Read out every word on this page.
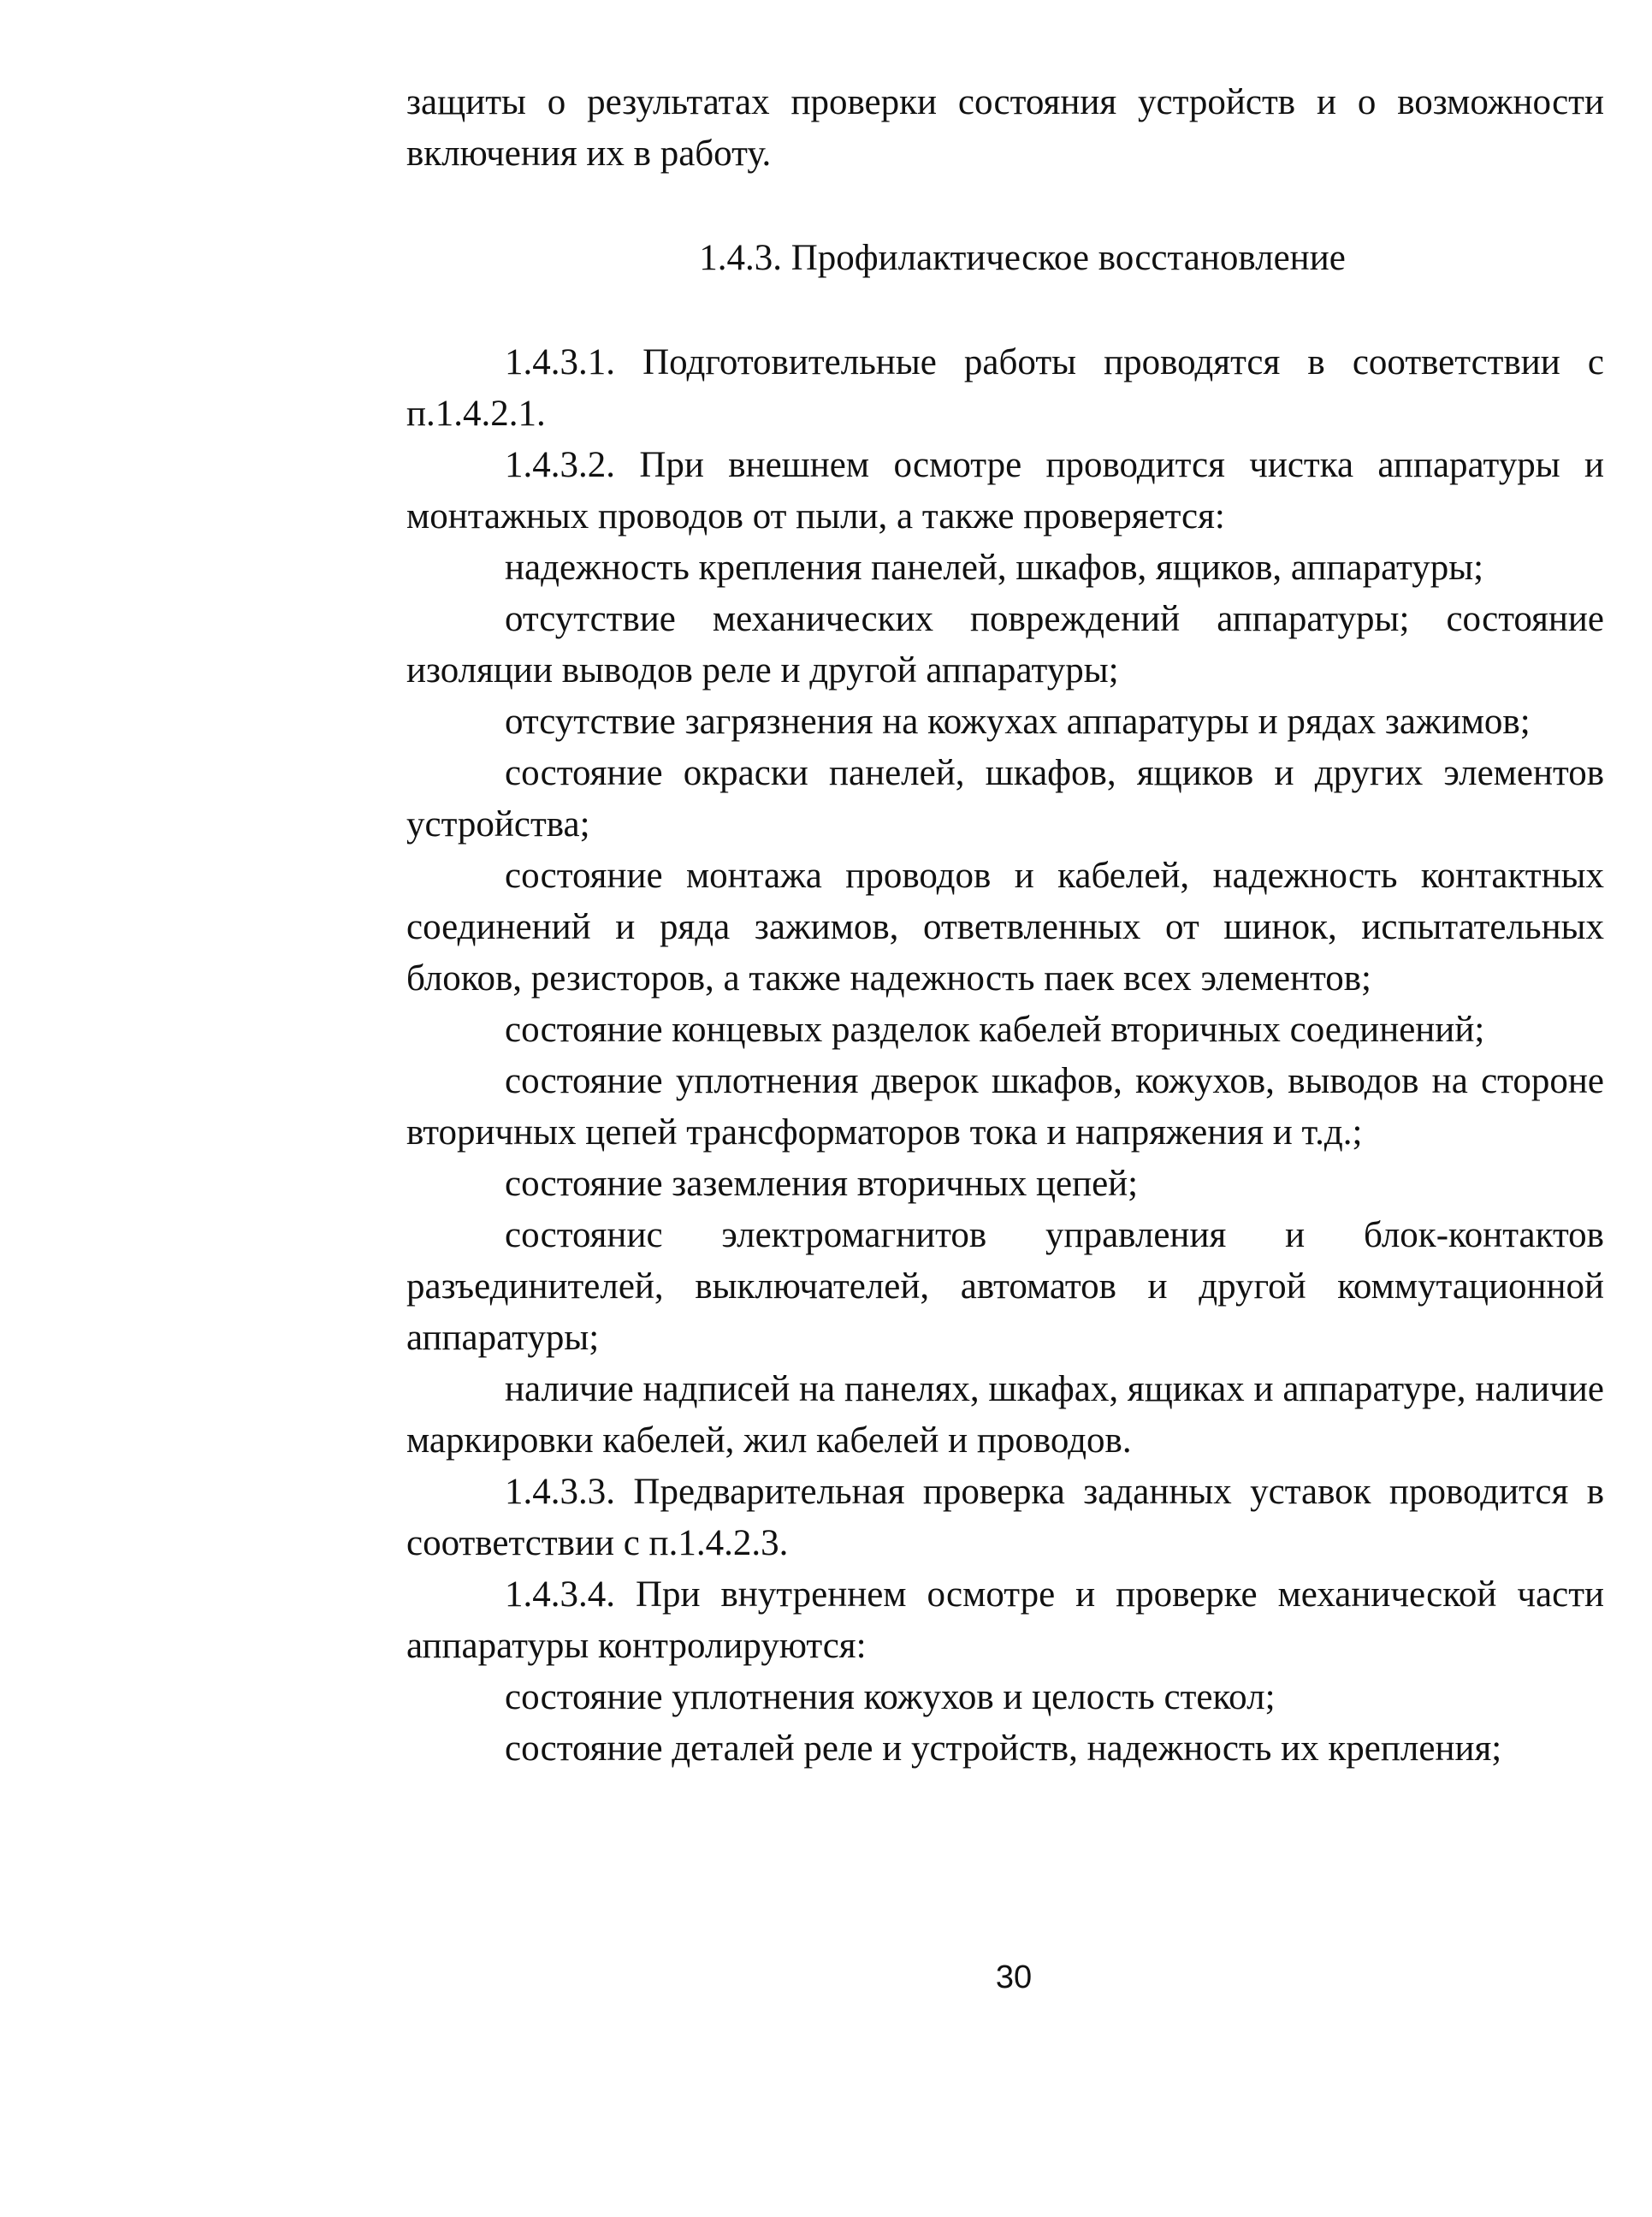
защиты о результатах проверки состояния устройств и о возможности включения их в работу.

1.4.3. Профилактическое восстановление

1.4.3.1. Подготовительные работы проводятся в соответствии с п.1.4.2.1.

1.4.3.2. При внешнем осмотре проводится чистка аппаратуры и монтажных проводов от пыли, а также проверяется:

надежность крепления панелей, шкафов, ящиков, аппаратуры;

отсутствие механических повреждений аппаратуры; состояние изоляции выводов реле и другой аппаратуры;

отсутствие загрязнения на кожухах аппаратуры и рядах зажимов;

состояние окраски панелей, шкафов, ящиков и других элементов устройства;

состояние монтажа проводов и кабелей, надежность контактных соединений и ряда зажимов, ответвленных от шинок, испытательных блоков, резисторов, а также надежность паек всех элементов;

состояние концевых разделок кабелей вторичных соединений;

состояние уплотнения дверок шкафов, кожухов, выводов на стороне вторичных цепей трансформаторов тока и напряжения и т.д.;

состояние заземления вторичных цепей;

состоянис электромагнитов управления и блок-контактов разъединителей, выключателей, автоматов и другой коммутационной аппаратуры;

наличие надписей на панелях, шкафах, ящиках и аппаратуре, наличие маркировки кабелей, жил кабелей и проводов.

1.4.3.3. Предварительная проверка заданных уставок проводится в соответствии с п.1.4.2.3.

1.4.3.4. При внутреннем осмотре и проверке механической части аппаратуры контролируются:

состояние уплотнения кожухов и целость стекол;

состояние деталей реле и устройств, надежность их крепления;

30
